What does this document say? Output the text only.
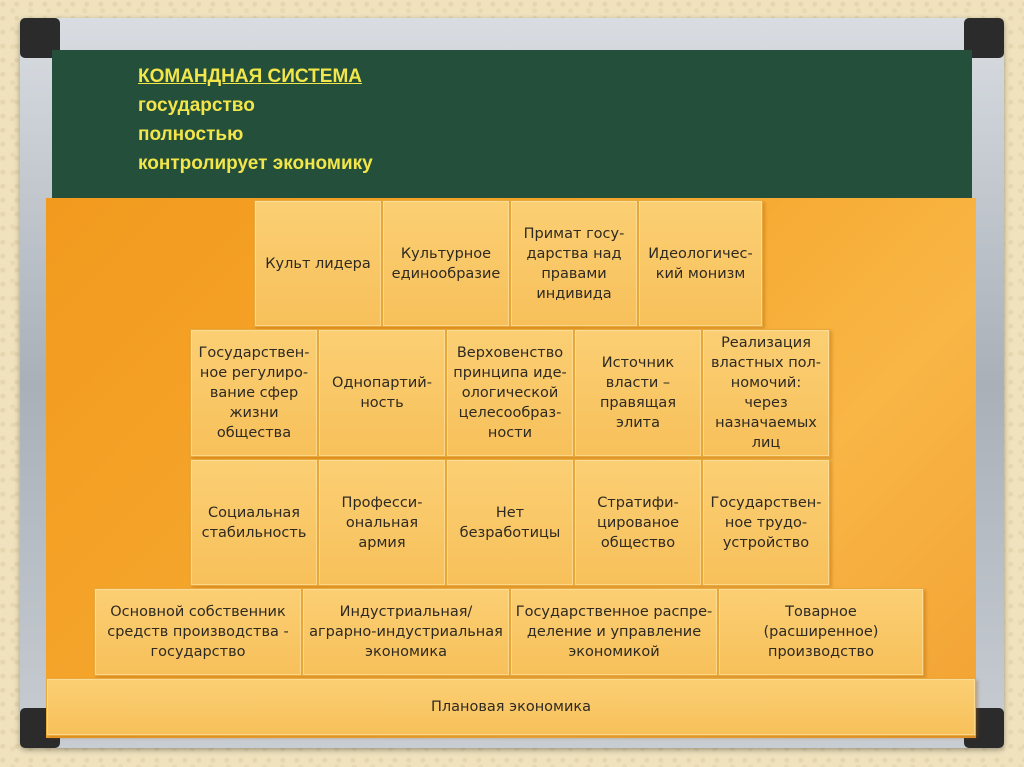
КОМАНДНАЯ СИСТЕМА
государство
полностью
контролирует экономику
Культ лидера
Культурное
единообразие
Примат госу-
дарства над
правами
индивида
Идеологичес-
кий монизм
Государствен-
ное регулиро-
вание сфер
жизни
общества
Однопартий-
ность
Верховенство
принципа иде-
ологической
целесообраз-
ности
Источник
власти –
правящая
элита
Реализация
властных пол-
номочий: через
назначаемых
лиц
Социальная
стабильность
Професси-
ональная
армия
Нет
безработицы
Стратифи-
цированое
общество
Государствен-
ное трудо-
устройство
Основной собственник
средств производства -
государство
Индустриальная/
аграрно-индустриальная
экономика
Государственное распре-
деление и управление
экономикой
Товарное
(расширенное)
производство
Плановая экономика
